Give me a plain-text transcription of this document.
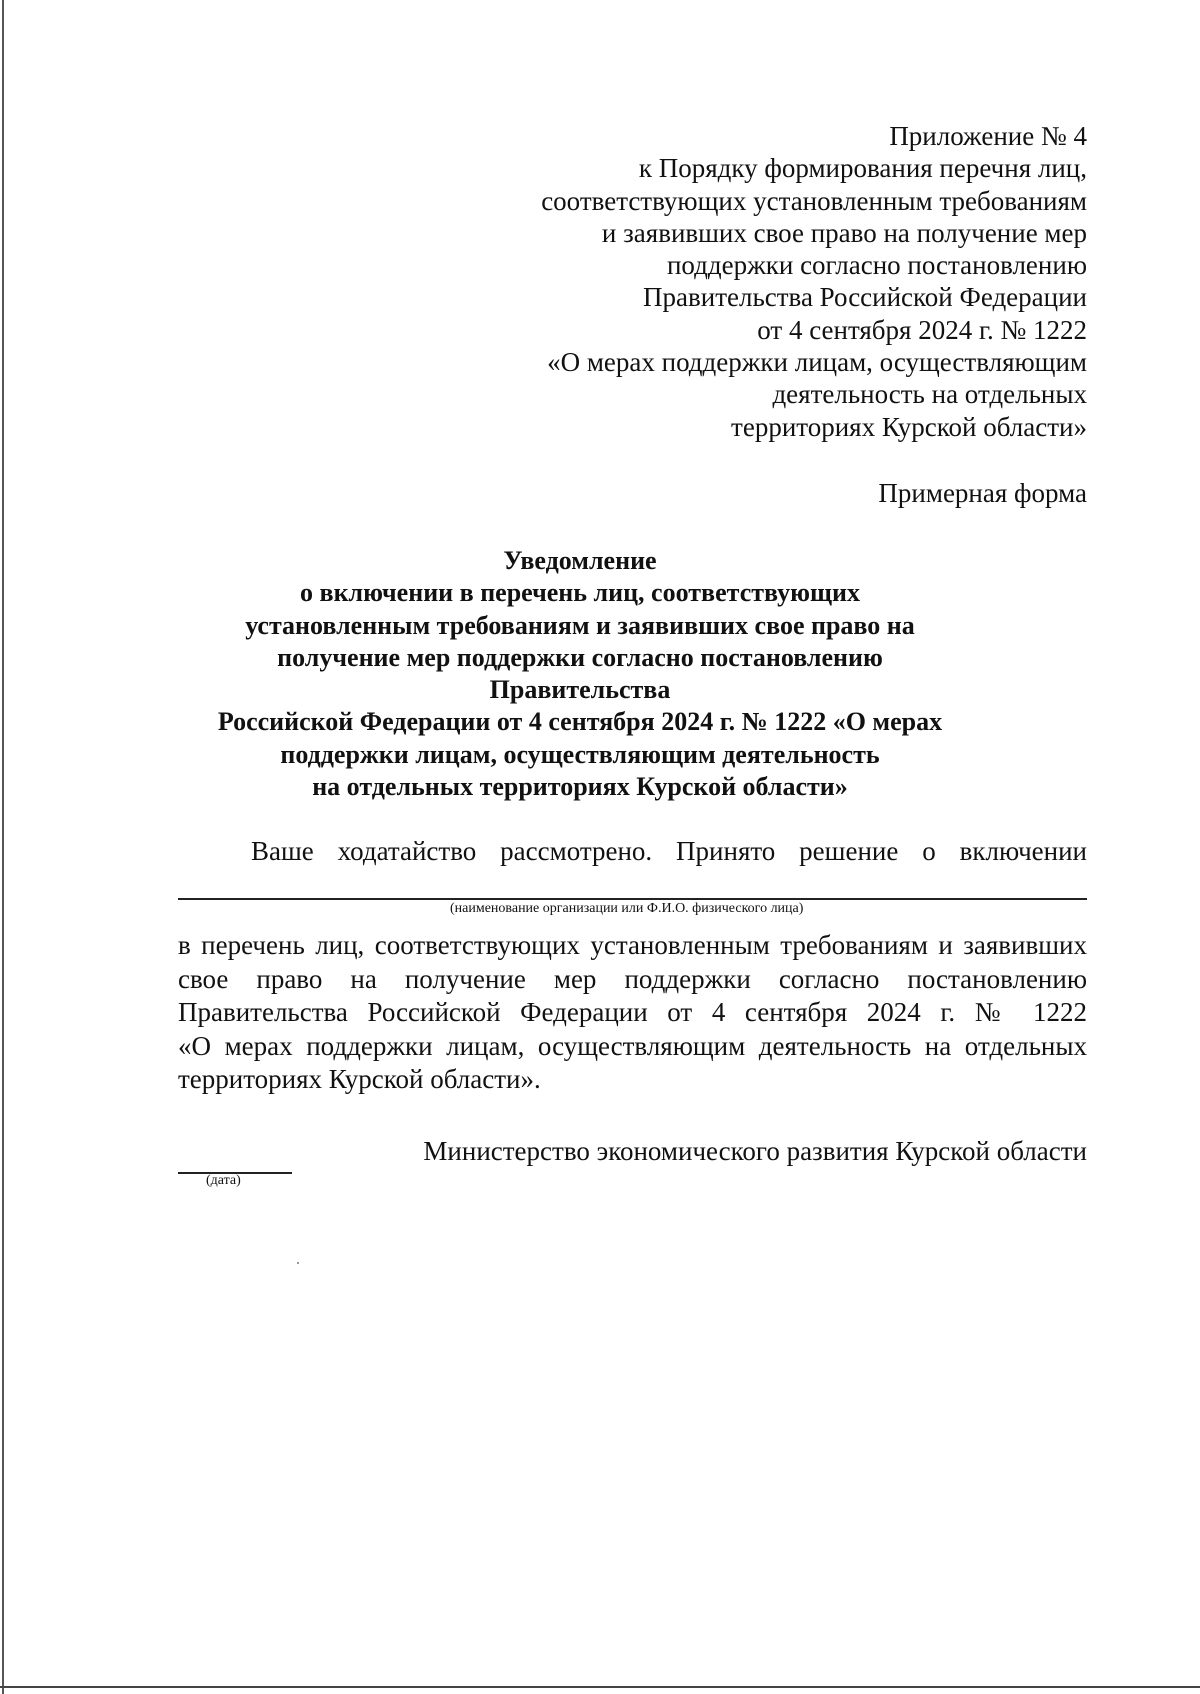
Приложение № 4
к Порядку формирования перечня лиц,
соответствующих установленным требованиям
и заявивших свое право на получение мер
поддержки согласно постановлению
Правительства Российской Федерации
от 4 сентября 2024 г. № 1222
«О мерах поддержки лицам, осуществляющим
деятельность на отдельных
территориях Курской области»
Примерная форма
Уведомление
о включении в перечень лиц, соответствующих
установленным требованиям и заявивших свое право на
получение мер поддержки согласно постановлению
Правительства
Российской Федерации от 4 сентября 2024 г. № 1222 «О мерах
поддержки лицам, осуществляющим деятельность
на отдельных территориях Курской области»
Ваше ходатайство рассмотрено. Принято решение о включении
(наименование организации или Ф.И.О. физического лица)
в перечень лиц, соответствующих установленным требованиям и заявивших
свое право на получение мер поддержки согласно постановлению
Правительства Российской Федерации от 4 сентября 2024 г. № 1222
«О мерах поддержки лицам, осуществляющим деятельность на отдельных
территориях Курской области».
(дата)
Министерство экономического развития Курской области
